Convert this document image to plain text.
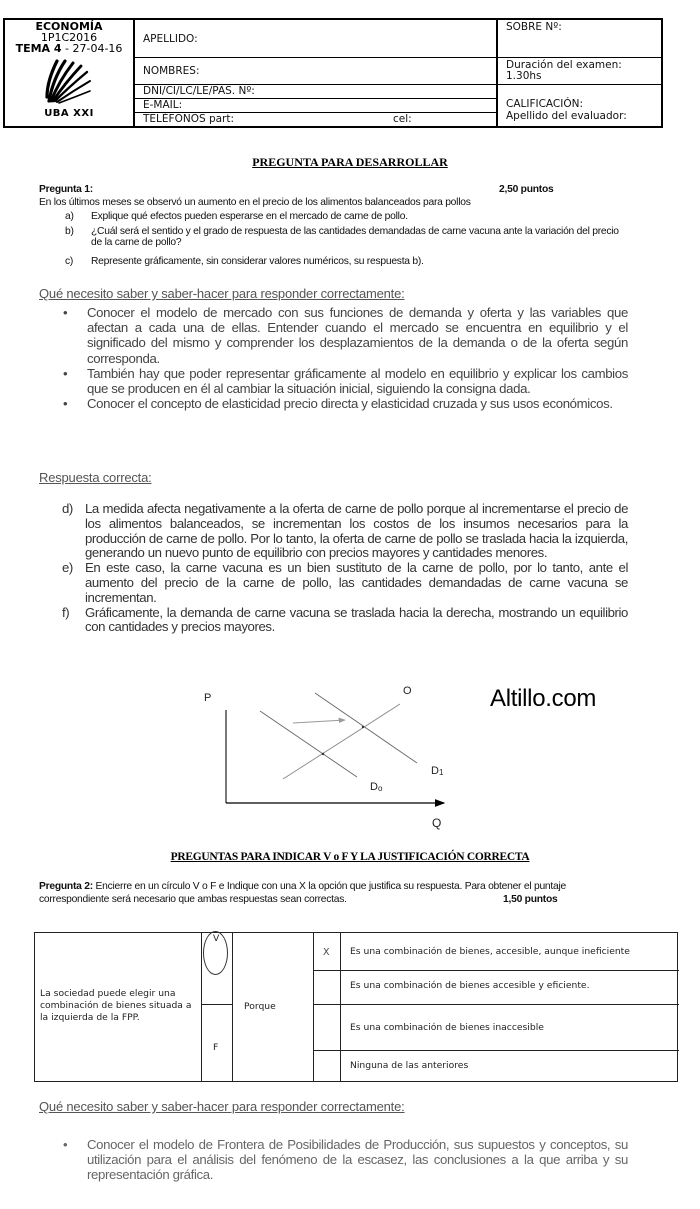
ECONOMÍA
1P1C2016
TEMA 4 - 27-04-16
UBA XXI
APELLIDO:
NOMBRES:
DNI/CI/LC/LE/PAS. Nº:
E-MAIL:
TELÉFONOS part:	cel:
SOBRE Nº:
Duración del examen:
1.30hs
CALIFICACIÓN:
Apellido del evaluador:
PREGUNTA PARA DESARROLLAR
Pregunta 1:	2,50 puntos
En los últimos meses se observó un aumento en el precio de los alimentos balanceados para pollos
a) Explique qué efectos pueden esperarse en el mercado de carne de pollo.
b) ¿Cuál será el sentido y el grado de respuesta de las cantidades demandadas de carne vacuna ante la variación del precio de la carne de pollo?
c) Represente gráficamente, sin considerar valores numéricos, su respuesta b).
Qué necesito saber y saber-hacer para responder correctamente:
• Conocer el modelo de mercado con sus funciones de demanda y oferta y las variables que afectan a cada una de ellas. Entender cuando el mercado se encuentra en equilibrio y el significado del mismo y comprender los desplazamientos de la demanda o de la oferta según corresponda.
• También hay que poder representar gráficamente al modelo en equilibrio y explicar los cambios que se producen en él al cambiar la situación inicial, siguiendo la consigna dada.
• Conocer el concepto de elasticidad precio directa y elasticidad cruzada y sus usos económicos.
Respuesta correcta:
d) La medida afecta negativamente a la oferta de carne de pollo porque al incrementarse el precio de los alimentos balanceados, se incrementan los costos de los insumos necesarios para la producción de carne de pollo. Por lo tanto, la oferta de carne de pollo se traslada hacia la izquierda, generando un nuevo punto de equilibrio con precios mayores y cantidades menores.
e) En este caso, la carne vacuna es un bien sustituto de la carne de pollo, por lo tanto, ante el aumento del precio de la carne de pollo, las cantidades demandadas de carne vacuna se incrementan.
f) Gráficamente, la demanda de carne vacuna se traslada hacia la derecha, mostrando un equilibrio con cantidades y precios mayores.
P
Q
O
Do
D1
Altillo.com
PREGUNTAS PARA INDICAR V o F Y LA JUSTIFICACIÓN CORRECTA
Pregunta 2: Encierre en un círculo V o F e Indique con una X la opción que justifica su respuesta. Para obtener el puntaje
correspondiente será necesario que ambas respuestas sean correctas.	1,50 puntos
La sociedad puede elegir una combinación de bienes situada a la izquierda de la FPP.
V
F
Porque
X Es una combinación de bienes, accesible, aunque ineficiente
Es una combinación de bienes accesible y eficiente.
Es una combinación de bienes inaccesible
Ninguna de las anteriores
Qué necesito saber y saber-hacer para responder correctamente:
• Conocer el modelo de Frontera de Posibilidades de Producción, sus supuestos y conceptos, su utilización para el análisis del fenómeno de la escasez, las conclusiones a la que arriba y su representación gráfica.
